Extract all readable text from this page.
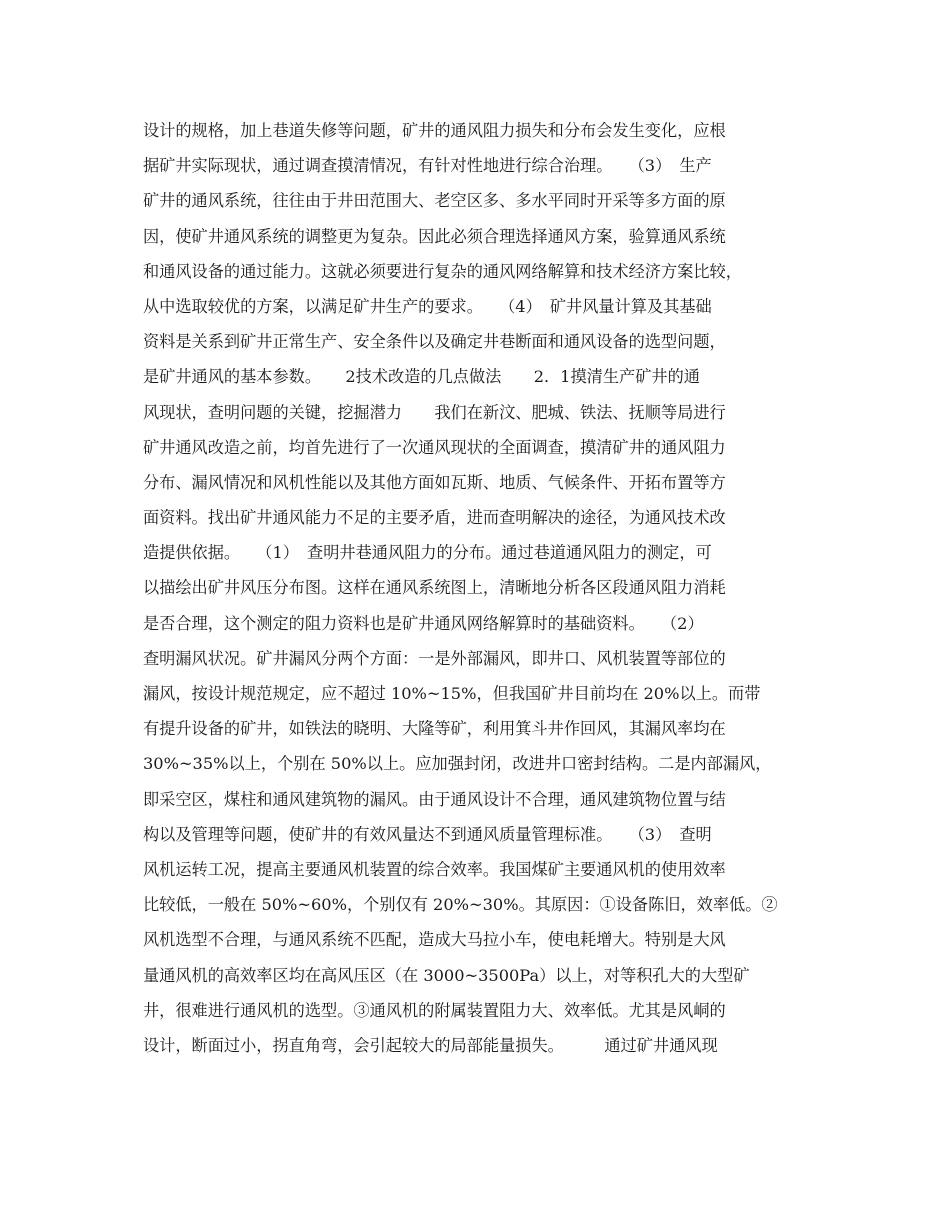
设计的规格，加上巷道失修等问题，矿井的通风阻力损失和分布会发生变化，应根
据矿井实际现状，通过调查摸清情况，有针对性地进行综合治理。　　（3）　生产
矿井的通风系统，往往由于井田范围大、老空区多、多水平同时开采等多方面的原
因，使矿井通风系统的调整更为复杂。因此必须合理选择通风方案，验算通风系统
和通风设备的通过能力。这就必须要进行复杂的通风网络解算和技术经济方案比较，
从中选取较优的方案，以满足矿井生产的要求。　　（4）　矿井风量计算及其基础
资料是关系到矿井正常生产、安全条件以及确定井巷断面和通风设备的选型问题，
是矿井通风的基本参数。　　2技术改造的几点做法　　2．1摸清生产矿井的通
风现状，查明问题的关键，挖掘潜力　　我们在新汶、肥城、铁法、抚顺等局进行
矿井通风改造之前，均首先进行了一次通风现状的全面调查，摸清矿井的通风阻力
分布、漏风情况和风机性能以及其他方面如瓦斯、地质、气候条件、开拓布置等方
面资料。找出矿井通风能力不足的主要矛盾，进而查明解决的途径，为通风技术改
造提供依据。　　（1）　查明井巷通风阻力的分布。通过巷道通风阻力的测定，可
以描绘出矿井风压分布图。这样在通风系统图上，清晰地分析各区段通风阻力消耗
是否合理，这个测定的阻力资料也是矿井通风网络解算时的基础资料。　　（2）
查明漏风状况。矿井漏风分两个方面：一是外部漏风，即井口、风机装置等部位的
漏风，按设计规范规定，应不超过 10%~15%，但我国矿井目前均在 20%以上。而带
有提升设备的矿井，如铁法的晓明、大隆等矿，利用箕斗井作回风，其漏风率均在
30%~35%以上，个别在 50%以上。应加强封闭，改进井口密封结构。二是内部漏风，
即采空区，煤柱和通风建筑物的漏风。由于通风设计不合理，通风建筑物位置与结
构以及管理等问题，使矿井的有效风量达不到通风质量管理标准。　　（3）　查明
风机运转工况，提高主要通风机装置的综合效率。我国煤矿主要通风机的使用效率
比较低，一般在 50%~60%，个别仅有 20%~30%。其原因：①设备陈旧，效率低。②
风机选型不合理，与通风系统不匹配，造成大马拉小车，使电耗增大。特别是大风
量通风机的高效率区均在高风压区（在 3000~3500Pa）以上，对等积孔大的大型矿
井，很难进行通风机的选型。③通风机的附属装置阻力大、效率低。尤其是风峒的
设计，断面过小，拐直角弯，会引起较大的局部能量损失。　　　通过矿井通风现
